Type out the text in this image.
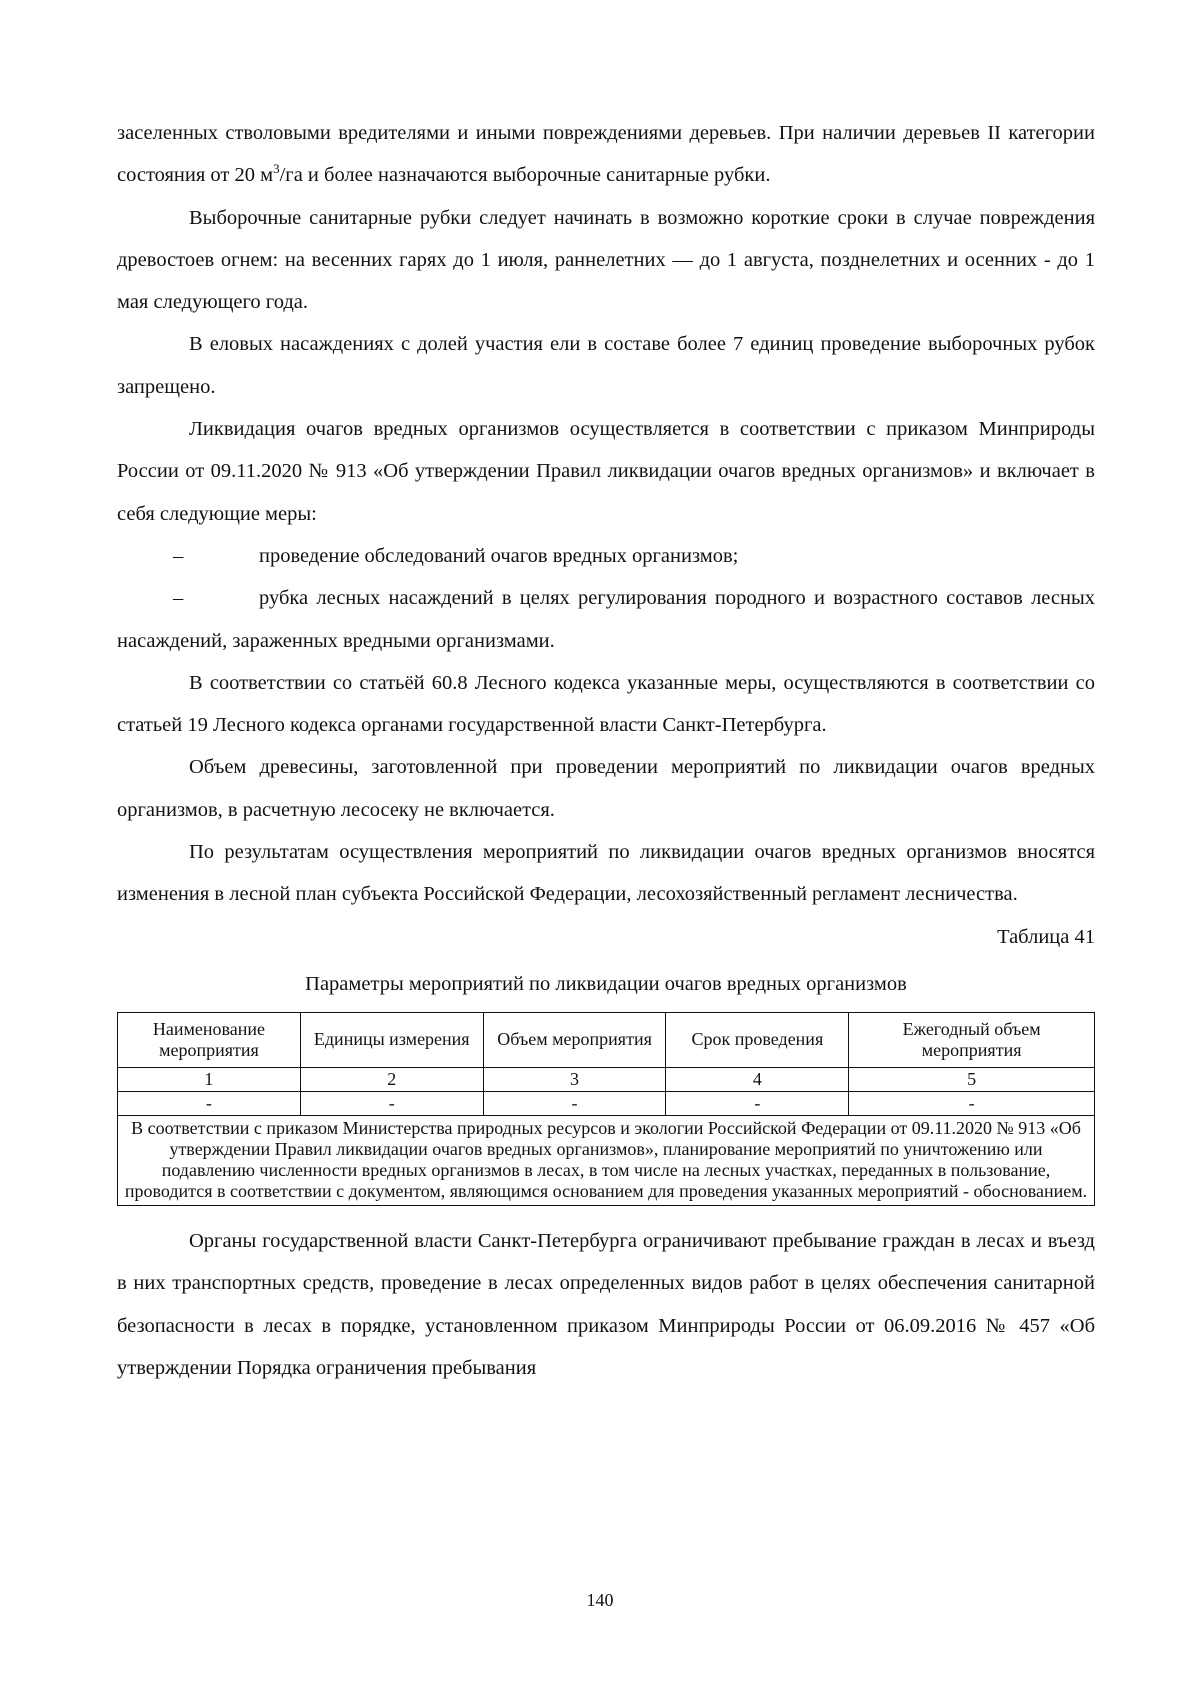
заселенных стволовыми вредителями и иными повреждениями деревьев. При наличии деревьев II категории состояния от 20 $м^3/га$ и более назначаются выборочные санитарные рубки.

Выборочные санитарные рубки следует начинать в возможно короткие сроки в случае повреждения древостоев огнем: на весенних гарях до 1 июля, раннелетних — до 1 августа, позднелетних и осенних - до 1 мая следующего года.

В еловых насаждениях с долей участия ели в составе более 7 единиц проведение выборочных рубок запрещено.

Ликвидация очагов вредных организмов осуществляется в соответствии с приказом Минприроды России от 09.11.2020 № 913 «Об утверждении Правил ликвидации очагов вредных организмов» и включает в себя следующие меры:

–	проведение обследований очагов вредных организмов;

–	рубка лесных насаждений в целях регулирования породного и возрастного составов лесных насаждений, зараженных вредными организмами.

В соответствии со статьёй 60.8 Лесного кодекса указанные меры, осуществляются в соответствии со статьей 19 Лесного кодекса органами государственной власти Санкт-Петербурга.

Объем древесины, заготовленной при проведении мероприятий по ликвидации очагов вредных организмов, в расчетную лесосеку не включается.

По результатам осуществления мероприятий по ликвидации очагов вредных организмов вносятся изменения в лесной план субъекта Российской Федерации, лесохозяйственный регламент лесничества.

Таблица 41

Параметры мероприятий по ликвидации очагов вредных организмов

Наименование мероприятия	Единицы измерения	Объем мероприятия	Срок проведения	Ежегодный объем мероприятия
1	2	3	4	5
-	-	-	-	-
В соответствии с приказом Министерства природных ресурсов и экологии Российской Федерации от 09.11.2020 № 913 «Об утверждении Правил ликвидации очагов вредных организмов», планирование мероприятий по уничтожению или подавлению численности вредных организмов в лесах, в том числе на лесных участках, переданных в пользование, проводится в соответствии с документом, являющимся основанием для проведения указанных мероприятий - обоснованием.				

Органы государственной власти Санкт-Петербурга ограничивают пребывание граждан в лесах и въезд в них транспортных средств, проведение в лесах определенных видов работ в целях обеспечения санитарной безопасности в лесах в порядке, установленном приказом Минприроды России от 06.09.2016 № 457 «Об утверждении Порядка ограничения пребывания

140
